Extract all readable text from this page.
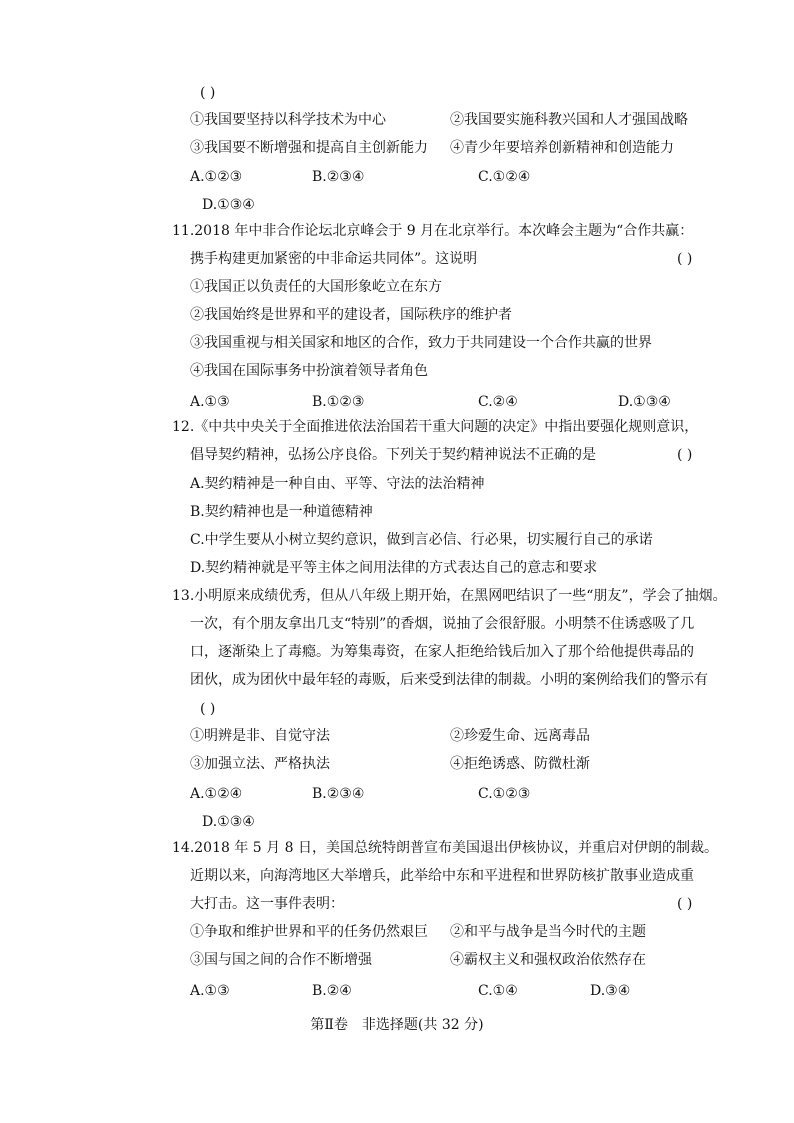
( )
①我国要坚持以科学技术为中心	②我国要实施科教兴国和人才强国战略
③我国要不断增强和提高自主创新能力 ④青少年要培养创新精神和创造能力
A.①②③	B.②③④	C.①②④
D.①③④
11.2018 年中非合作论坛北京峰会于 9 月在北京举行。本次峰会主题为“合作共赢：
携手构建更加紧密的中非命运共同体”。这说明	( )
①我国正以负责任的大国形象屹立在东方
②我国始终是世界和平的建设者，国际秩序的维护者
③我国重视与相关国家和地区的合作，致力于共同建设一个合作共赢的世界
④我国在国际事务中扮演着领导者角色
A.①③	B.①②③	C.②④	D.①③④
12.《中共中央关于全面推进依法治国若干重大问题的决定》中指出要强化规则意识，
倡导契约精神，弘扬公序良俗。下列关于契约精神说法不正确的是	( )
A.契约精神是一种自由、平等、守法的法治精神
B.契约精神也是一种道德精神
C.中学生要从小树立契约意识，做到言必信、行必果，切实履行自己的承诺
D.契约精神就是平等主体之间用法律的方式表达自己的意志和要求
13.小明原来成绩优秀，但从八年级上期开始，在黑网吧结识了一些“朋友”，学会了抽烟。
一次，有个朋友拿出几支“特别”的香烟，说抽了会很舒服。小明禁不住诱惑吸了几
口，逐渐染上了毒瘾。为筹集毒资，在家人拒绝给钱后加入了那个给他提供毒品的
团伙，成为团伙中最年轻的毒贩，后来受到法律的制裁。小明的案例给我们的警示有
( )
①明辨是非、自觉守法	②珍爱生命、远离毒品
③加强立法、严格执法	④拒绝诱惑、防微杜渐
A.①②④	B.②③④	C.①②③
D.①③④
14.2018 年 5 月 8 日，美国总统特朗普宣布美国退出伊核协议，并重启对伊朗的制裁。
近期以来，向海湾地区大举增兵，此举给中东和平进程和世界防核扩散事业造成重
大打击。这一事件表明：	( )
①争取和维护世界和平的任务仍然艰巨 ②和平与战争是当今时代的主题
③国与国之间的合作不断增强	④霸权主义和强权政治依然存在
A.①③	B.②④	C.①④	D.③④
第Ⅱ卷　非选择题(共 32 分)
